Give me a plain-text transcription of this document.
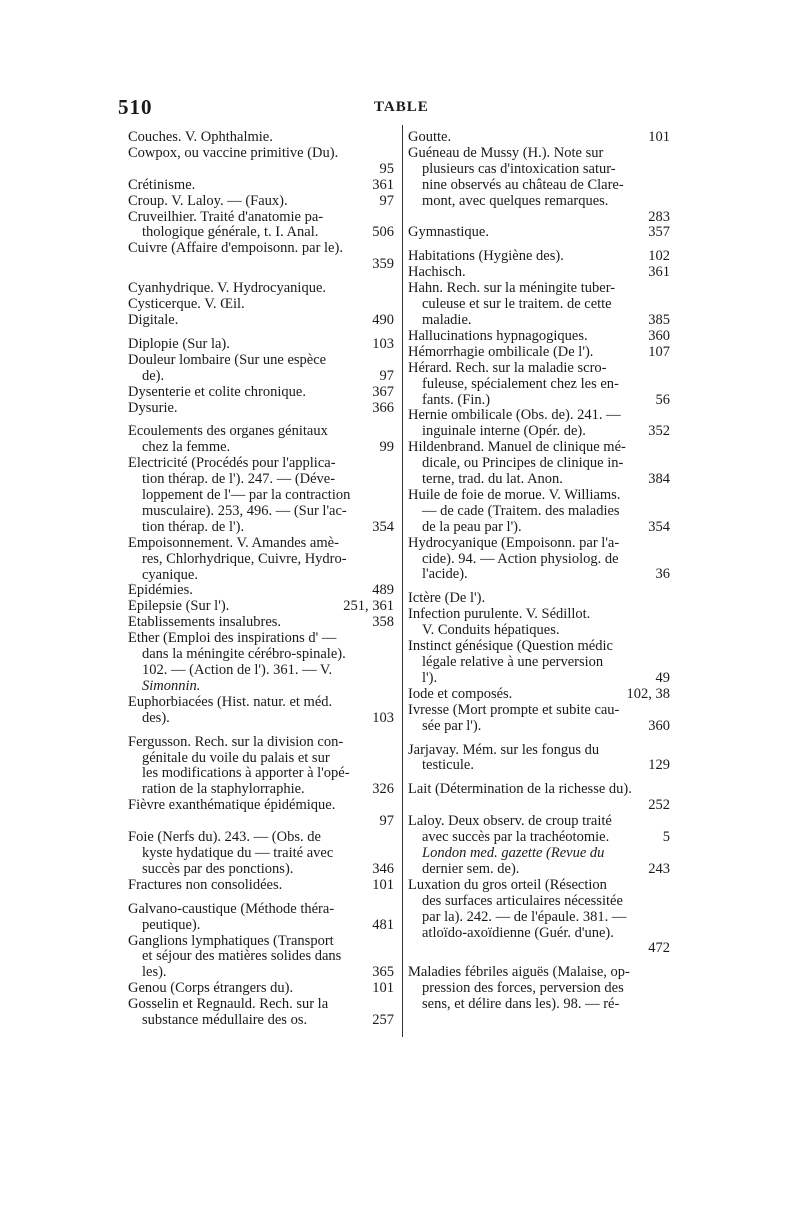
510	TABLE
Couches. V. Ophthalmie.
Cowpox, ou vaccine primitive (Du).
95
Crétinisme.	361
Croup. V. Laloy. — (Faux).	97
Cruveilhier. Traité d'anatomie pa-
thologique générale, t. I. Anal.	506
Cuivre (Affaire d'empoisonn. par le).
359
Cyanhydrique. V. Hydrocyanique.
Cysticerque. V. Œil.
Digitale.	490
Diplopie (Sur la).	103
Douleur lombaire (Sur une espèce
de).	97
Dysenterie et colite chronique.	367
Dysurie.	366
Écoulements des organes génitaux
chez la femme.	99
Électricité (Procédés pour l'applica-
tion thérap. de l'). 247. — (Déve-
loppement de l'— par la contraction
musculaire). 253, 496. — (Sur l'ac-
tion thérap. de l').	354
Empoisonnement. V. Amandes amè-
res, Chlorhydrique, Cuivre, Hydro-
cyanique.
Épidémies.	489
Épilepsie (Sur l').	251, 361
Établissements insalubres.	358
Éther (Emploi des inspirations d' —
dans la méningite cérébro-spinale).
102. — (Action de l'). 361. — V.
Simonnin.
Euphorbiacées (Hist. natur. et méd.
des).	103
Fergusson. Rech. sur la division con-
génitale du voile du palais et sur
les modifications à apporter à l'opé-
ration de la staphylorraphie.	326
Fièvre exanthématique épidémique.
97
Foie (Nerfs du). 243. — (Obs. de
kyste hydatique du — traité avec
succès par des ponctions).	346
Fractures non consolidées.	101
Galvano-caustique (Méthode théra-
peutique).	481
Ganglions lymphatiques (Transport
et séjour des matières solides dans
les).	365
Genou (Corps étrangers du).	101
Gosselin et Regnauld. Rech. sur la
substance médullaire des os.	257
Goutte.	101
Guéneau de Mussy (H.). Note sur
plusieurs cas d'intoxication satur-
nine observés au château de Clare-
mont, avec quelques remarques.
283
Gymnastique.	357
Habitations (Hygiène des).	102
Hachisch.	361
Hahn. Rech. sur la méningite tuber-
culeuse et sur le traitem. de cette
maladie.	385
Hallucinations hypnagogiques.	360
Hémorrhagie ombilicale (De l').	107
Hérard. Rech. sur la maladie scro-
fuleuse, spécialement chez les en-
fants. (Fin.)	56
Hernie ombilicale (Obs. de). 241. —
inguinale interne (Opér. de).	352
Hildenbrand. Manuel de clinique mé-
dicale, ou Principes de clinique in-
terne, trad. du lat. Anon.	384
Huile de foie de morue. V. Williams.
— de cade (Traitem. des maladies
de la peau par l').	354
Hydrocyanique (Empoisonn. par l'a-
cide). 94. — Action physiolog. de
l'acide).	36
Ictère (De l').
Infection purulente. V. Sédillot.
V. Conduits hépatiques.
Instinct génésique (Question médic
légale relative à une perversion
l').	49
Iode et composés.	102, 38
Ivresse (Mort prompte et subite cau-
sée par l').	360
Jarjavay. Mém. sur les fongus du
testicule.	129
Lait (Détermination de la richesse du).
252
Laloy. Deux observ. de croup traité
avec succès par la trachéotomie.	5
London med. gazette (Revue du
dernier sem. de).	243
Luxation du gros orteil (Résection
des surfaces articulaires nécessitée
par la). 242. — de l'épaule. 381. —
atloïdo-axoïdienne (Guér. d'une).
472
Maladies fébriles aiguës (Malaise, op-
pression des forces, perversion des
sens, et délire dans les). 98. — ré-
